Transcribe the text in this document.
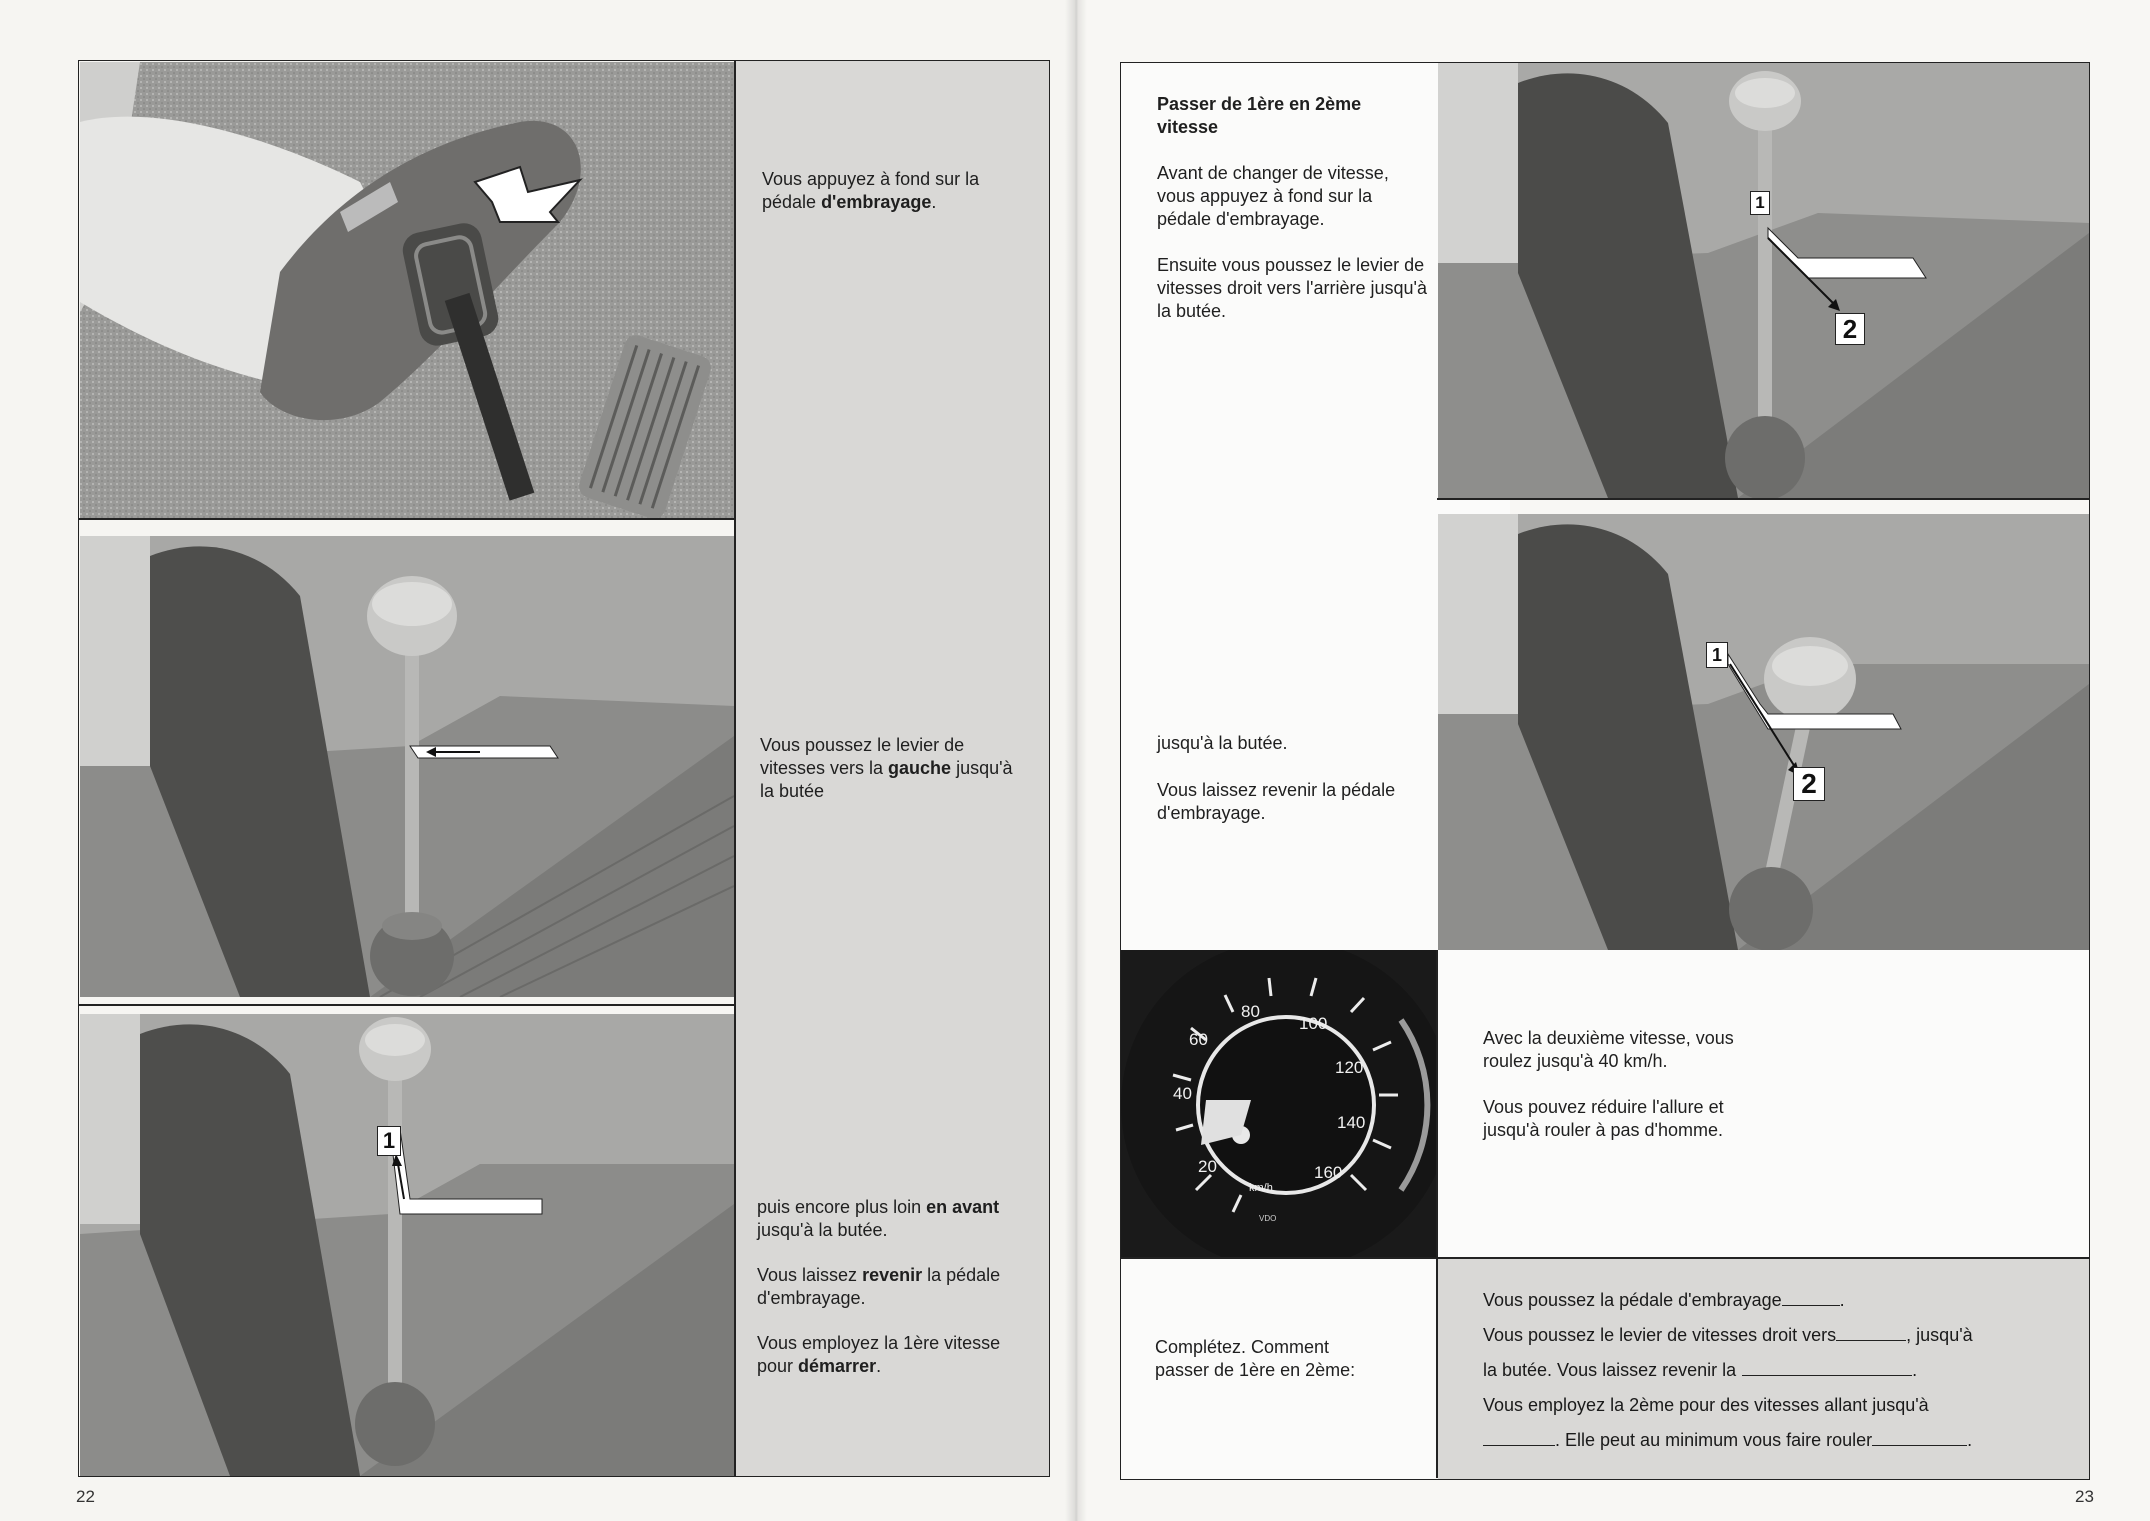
1
Vous appuyez à fond sur la pédale d'embrayage.
Vous poussez le levier de vitesses vers la gauche jusqu'à la butée

puis encore plus loin en avant jusqu'à la butée.

Vous laissez revenir la pédale d'embrayage.

Vous employez la 1ère vitesse pour démarrer.

22
1
2
1
2
20
40
60
80
100
120
140
160
km/h
VDO
Passer de 1ère en 2ème vitesse
Avant de changer de vitesse, vous appuyez à fond sur la pédale d'embrayage.
Ensuite vous poussez le levier de vitesses droit vers l'arrière jusqu'à la butée.
jusqu'à la butée.
Vous laissez revenir la pédale d'embrayage.
Avec la deuxième vitesse, vous roulez jusqu'à 40 km/h.
Vous pouvez réduire l'allure et jusqu'à rouler à pas d'homme.
Complétez. Comment passer de 1ère en 2ème:

Vous poussez la pédale d'embrayage	.

Vous poussez le levier de vitesses droit vers	, jusqu'à

la butée. Vous laissez revenir la	.

Vous employez la 2ème pour des vitesses allant jusqu'à

. Elle peut au minimum vous faire rouler	.

23
